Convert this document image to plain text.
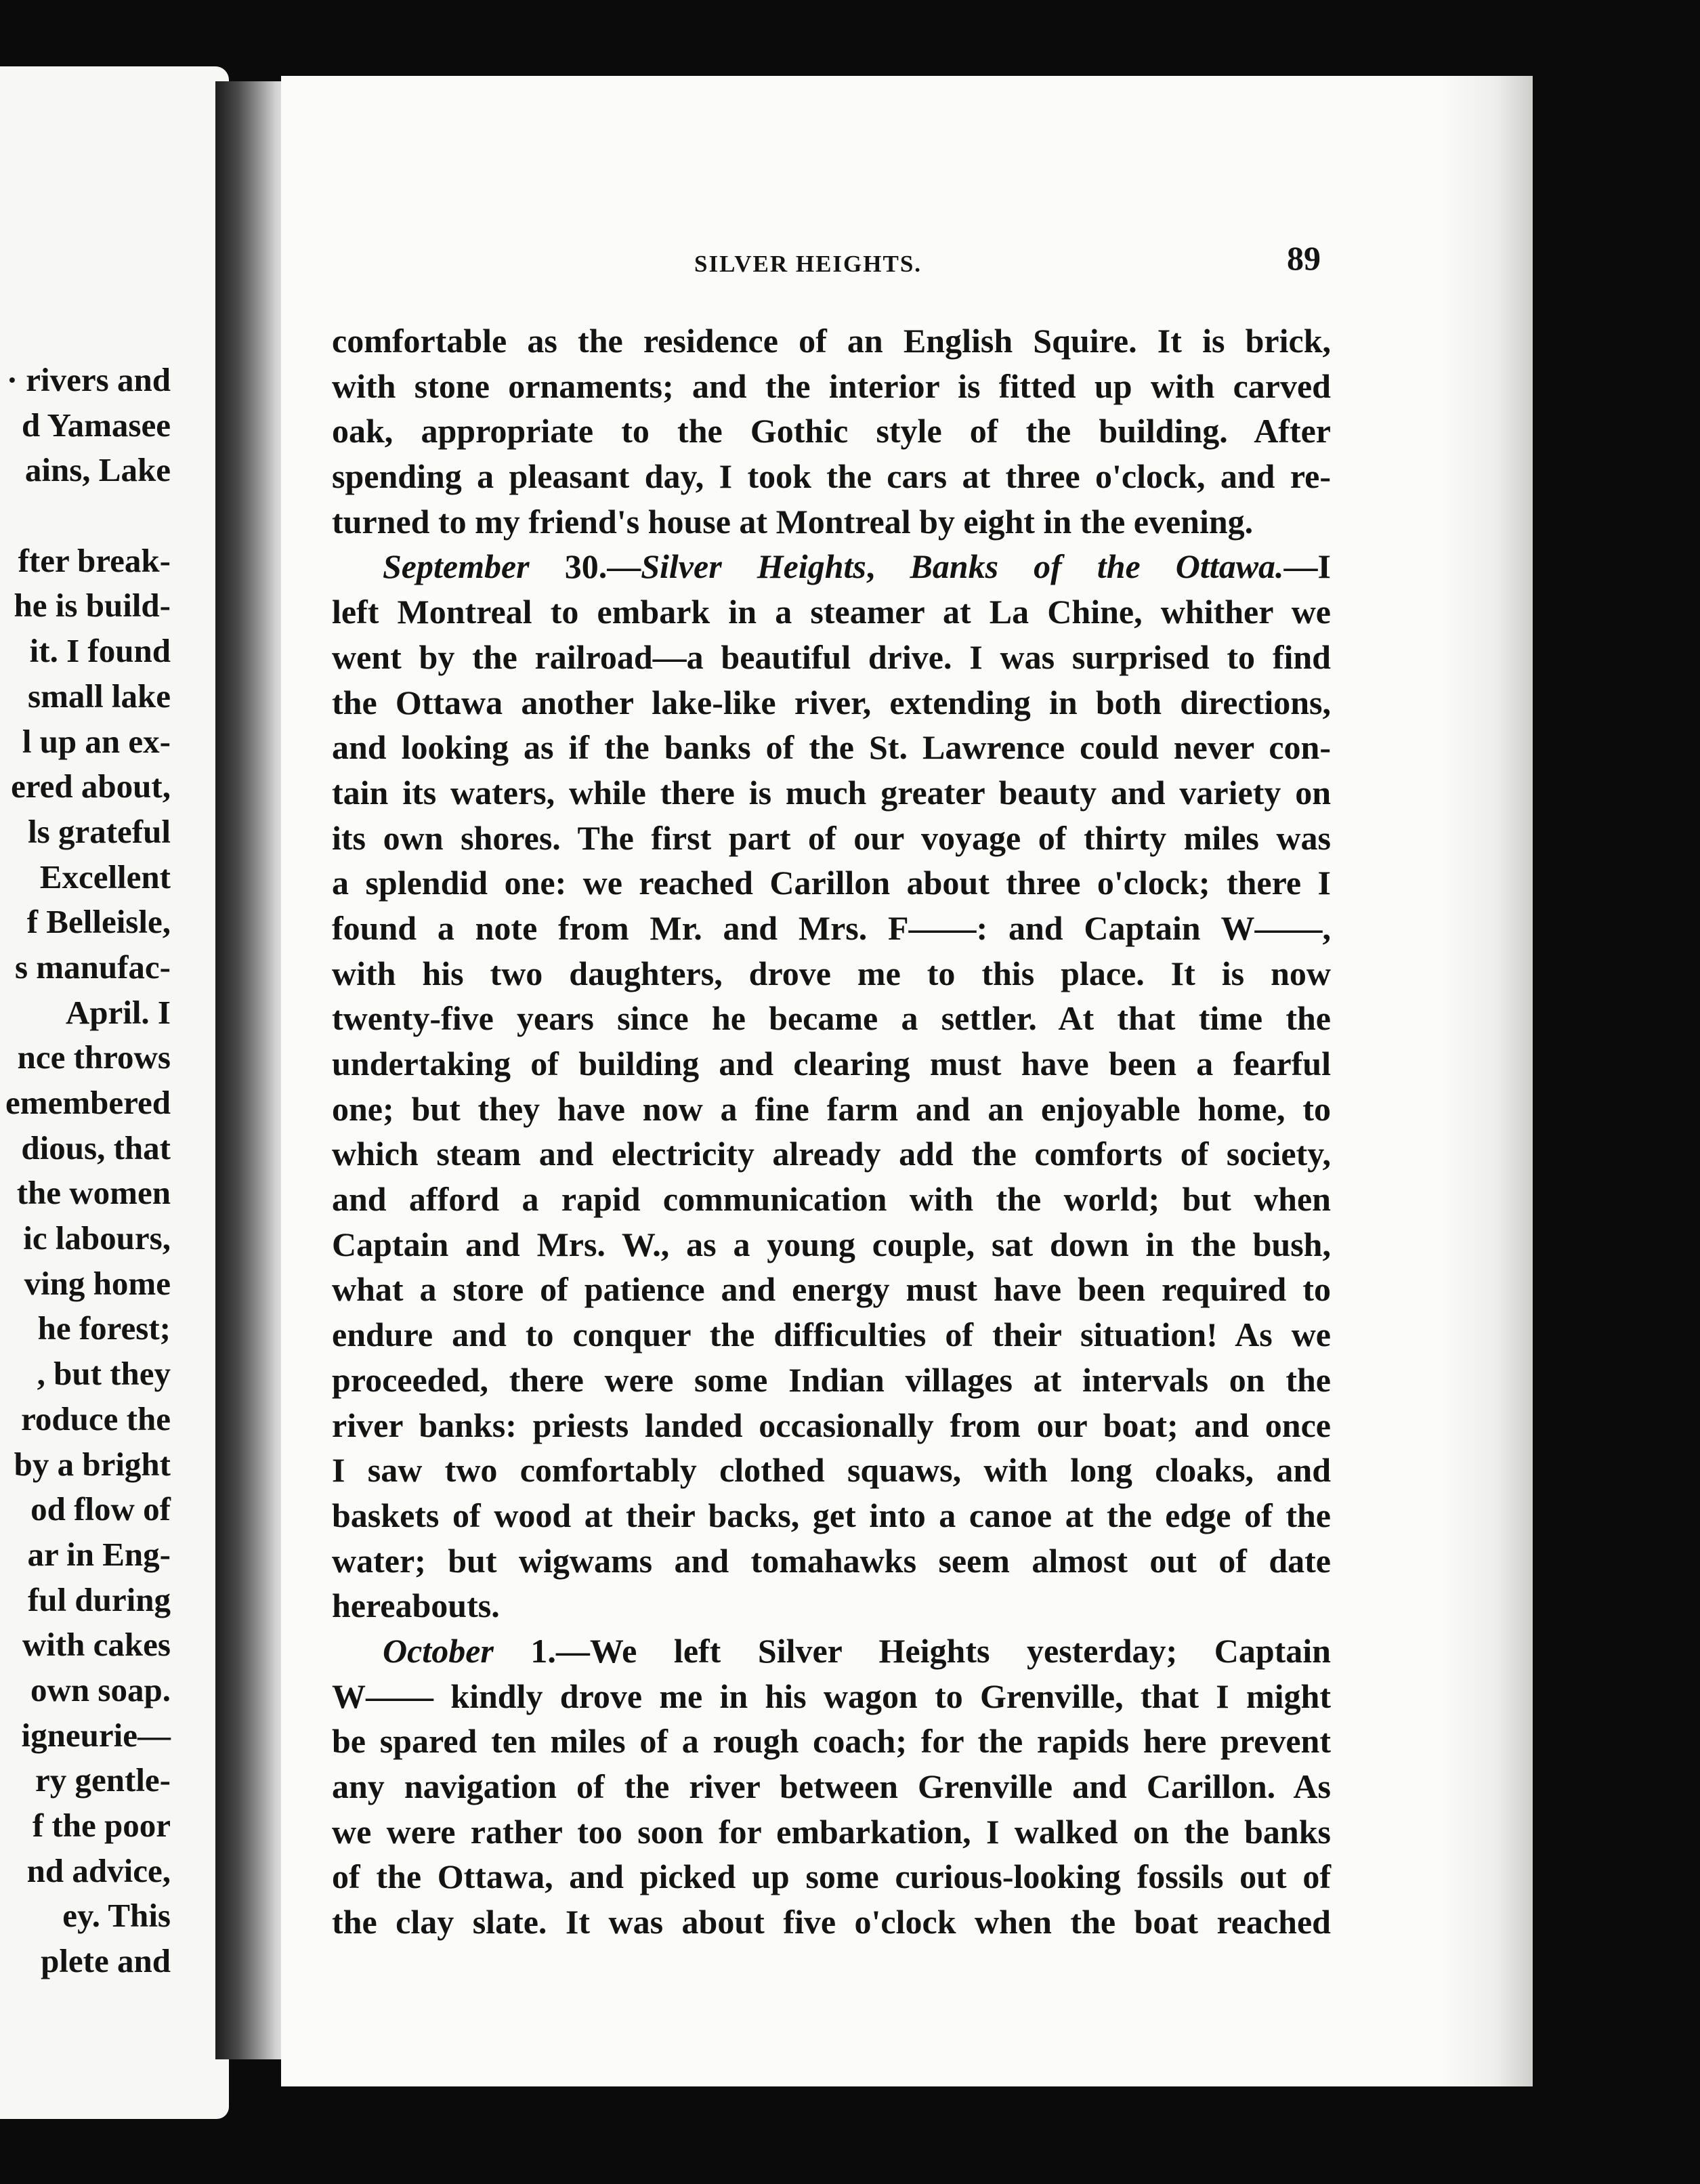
· rivers and
d Yamasee
ains, Lake
fter break-
he is build-
it. I found
small lake
l up an ex-
ered about,
ls grateful
Excellent
f Belleisle,
s manufac-
April. I
nce throws
emembered
dious, that
the women
ic labours,
ving home
he forest;
, but they
roduce the
by a bright
od flow of
ar in Eng-
ful during
with cakes
own soap.
igneurie—
ry gentle-
f the poor
nd advice,
ey. This
plete and
SILVER HEIGHTS.	89
comfortable as the residence of an English Squire. It is brick,
with stone ornaments; and the interior is fitted up with carved
oak, appropriate to the Gothic style of the building. After
spending a pleasant day, I took the cars at three o'clock, and re-
turned to my friend's house at Montreal by eight in the evening.
September 30.—Silver Heights, Banks of the Ottawa.—I
left Montreal to embark in a steamer at La Chine, whither we
went by the railroad—a beautiful drive. I was surprised to find
the Ottawa another lake-like river, extending in both directions,
and looking as if the banks of the St. Lawrence could never con-
tain its waters, while there is much greater beauty and variety on
its own shores. The first part of our voyage of thirty miles was
a splendid one: we reached Carillon about three o'clock; there I
found a note from Mr. and Mrs. F——: and Captain W——,
with his two daughters, drove me to this place. It is now
twenty-five years since he became a settler. At that time the
undertaking of building and clearing must have been a fearful
one; but they have now a fine farm and an enjoyable home, to
which steam and electricity already add the comforts of society,
and afford a rapid communication with the world; but when
Captain and Mrs. W., as a young couple, sat down in the bush,
what a store of patience and energy must have been required to
endure and to conquer the difficulties of their situation! As we
proceeded, there were some Indian villages at intervals on the
river banks: priests landed occasionally from our boat; and once
I saw two comfortably clothed squaws, with long cloaks, and
baskets of wood at their backs, get into a canoe at the edge of the
water; but wigwams and tomahawks seem almost out of date
hereabouts.
October 1.—We left Silver Heights yesterday; Captain
W—— kindly drove me in his wagon to Grenville, that I might
be spared ten miles of a rough coach; for the rapids here prevent
any navigation of the river between Grenville and Carillon. As
we were rather too soon for embarkation, I walked on the banks
of the Ottawa, and picked up some curious-looking fossils out of
the clay slate. It was about five o'clock when the boat reached
